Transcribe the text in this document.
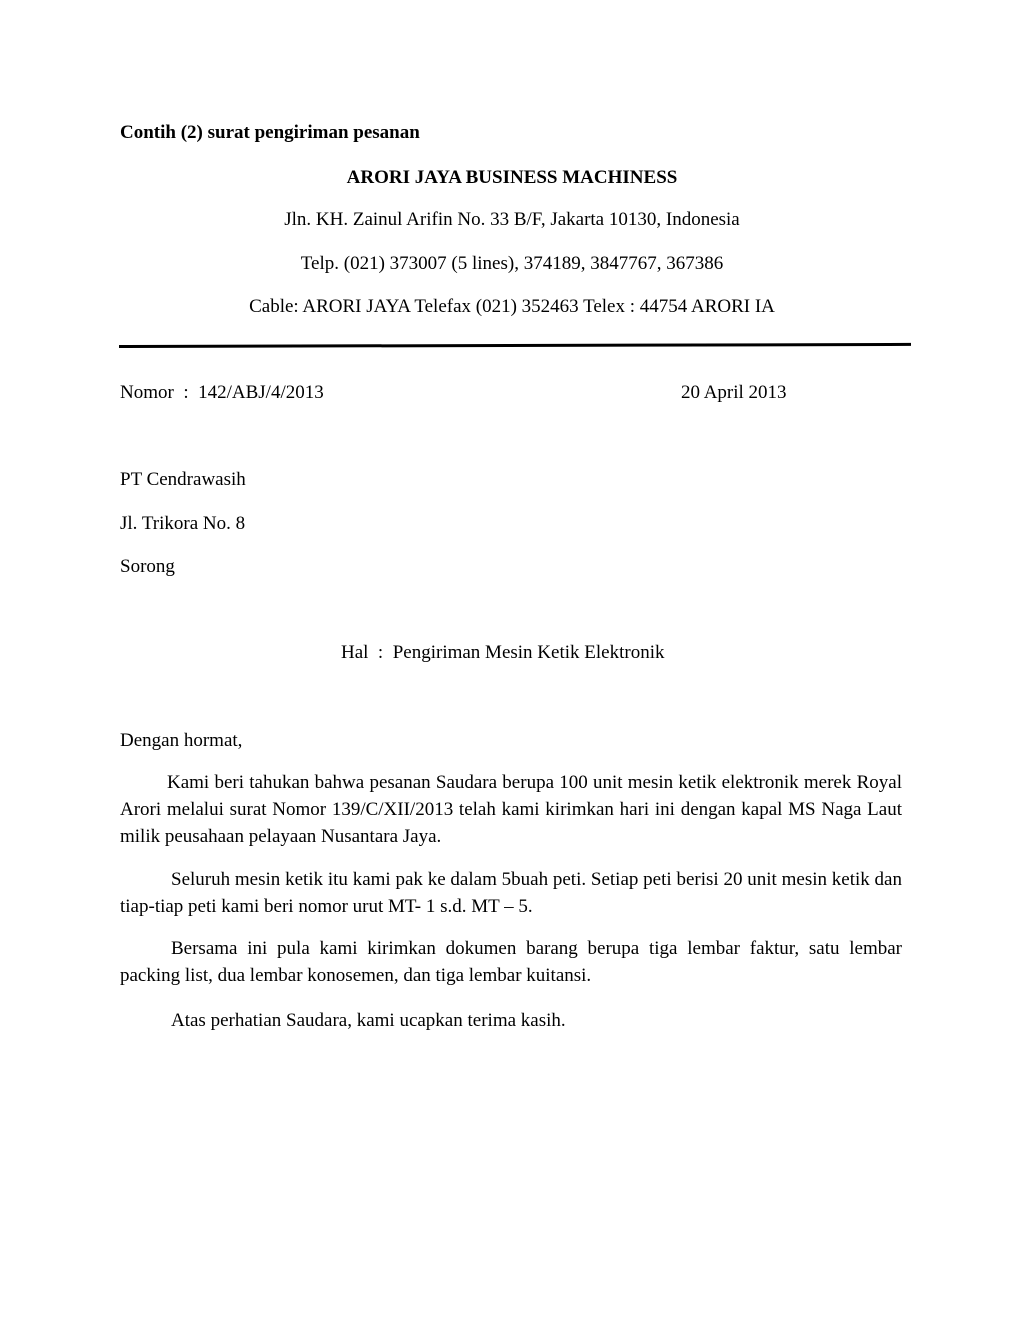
Contih (2) surat pengiriman pesanan
ARORI JAYA BUSINESS MACHINESS
Jln. KH. Zainul Arifin No. 33 B/F, Jakarta 10130, Indonesia
Telp. (021) 373007 (5 lines), 374189, 3847767, 367386
Cable: ARORI JAYA Telefax (021) 352463 Telex : 44754 ARORI IA
Nomor  :  142/ABJ/4/2013	20 April 2013
PT Cendrawasih
Jl. Trikora No. 8
Sorong
Hal  :  Pengiriman Mesin Ketik Elektronik
Dengan hormat,
Kami beri tahukan bahwa pesanan Saudara berupa 100 unit mesin ketik elektronik merek Royal Arori melalui surat Nomor 139/C/XII/2013 telah kami kirimkan hari ini dengan kapal MS Naga Laut milik peusahaan pelayaan Nusantara Jaya.
Seluruh mesin ketik itu kami pak ke dalam 5buah peti. Setiap peti berisi 20 unit mesin ketik dan tiap-tiap peti kami beri nomor urut MT- 1 s.d. MT – 5.
Bersama ini pula kami kirimkan dokumen barang berupa tiga lembar faktur, satu lembar packing list, dua lembar konosemen, dan tiga lembar kuitansi.
Atas perhatian Saudara, kami ucapkan terima kasih.
